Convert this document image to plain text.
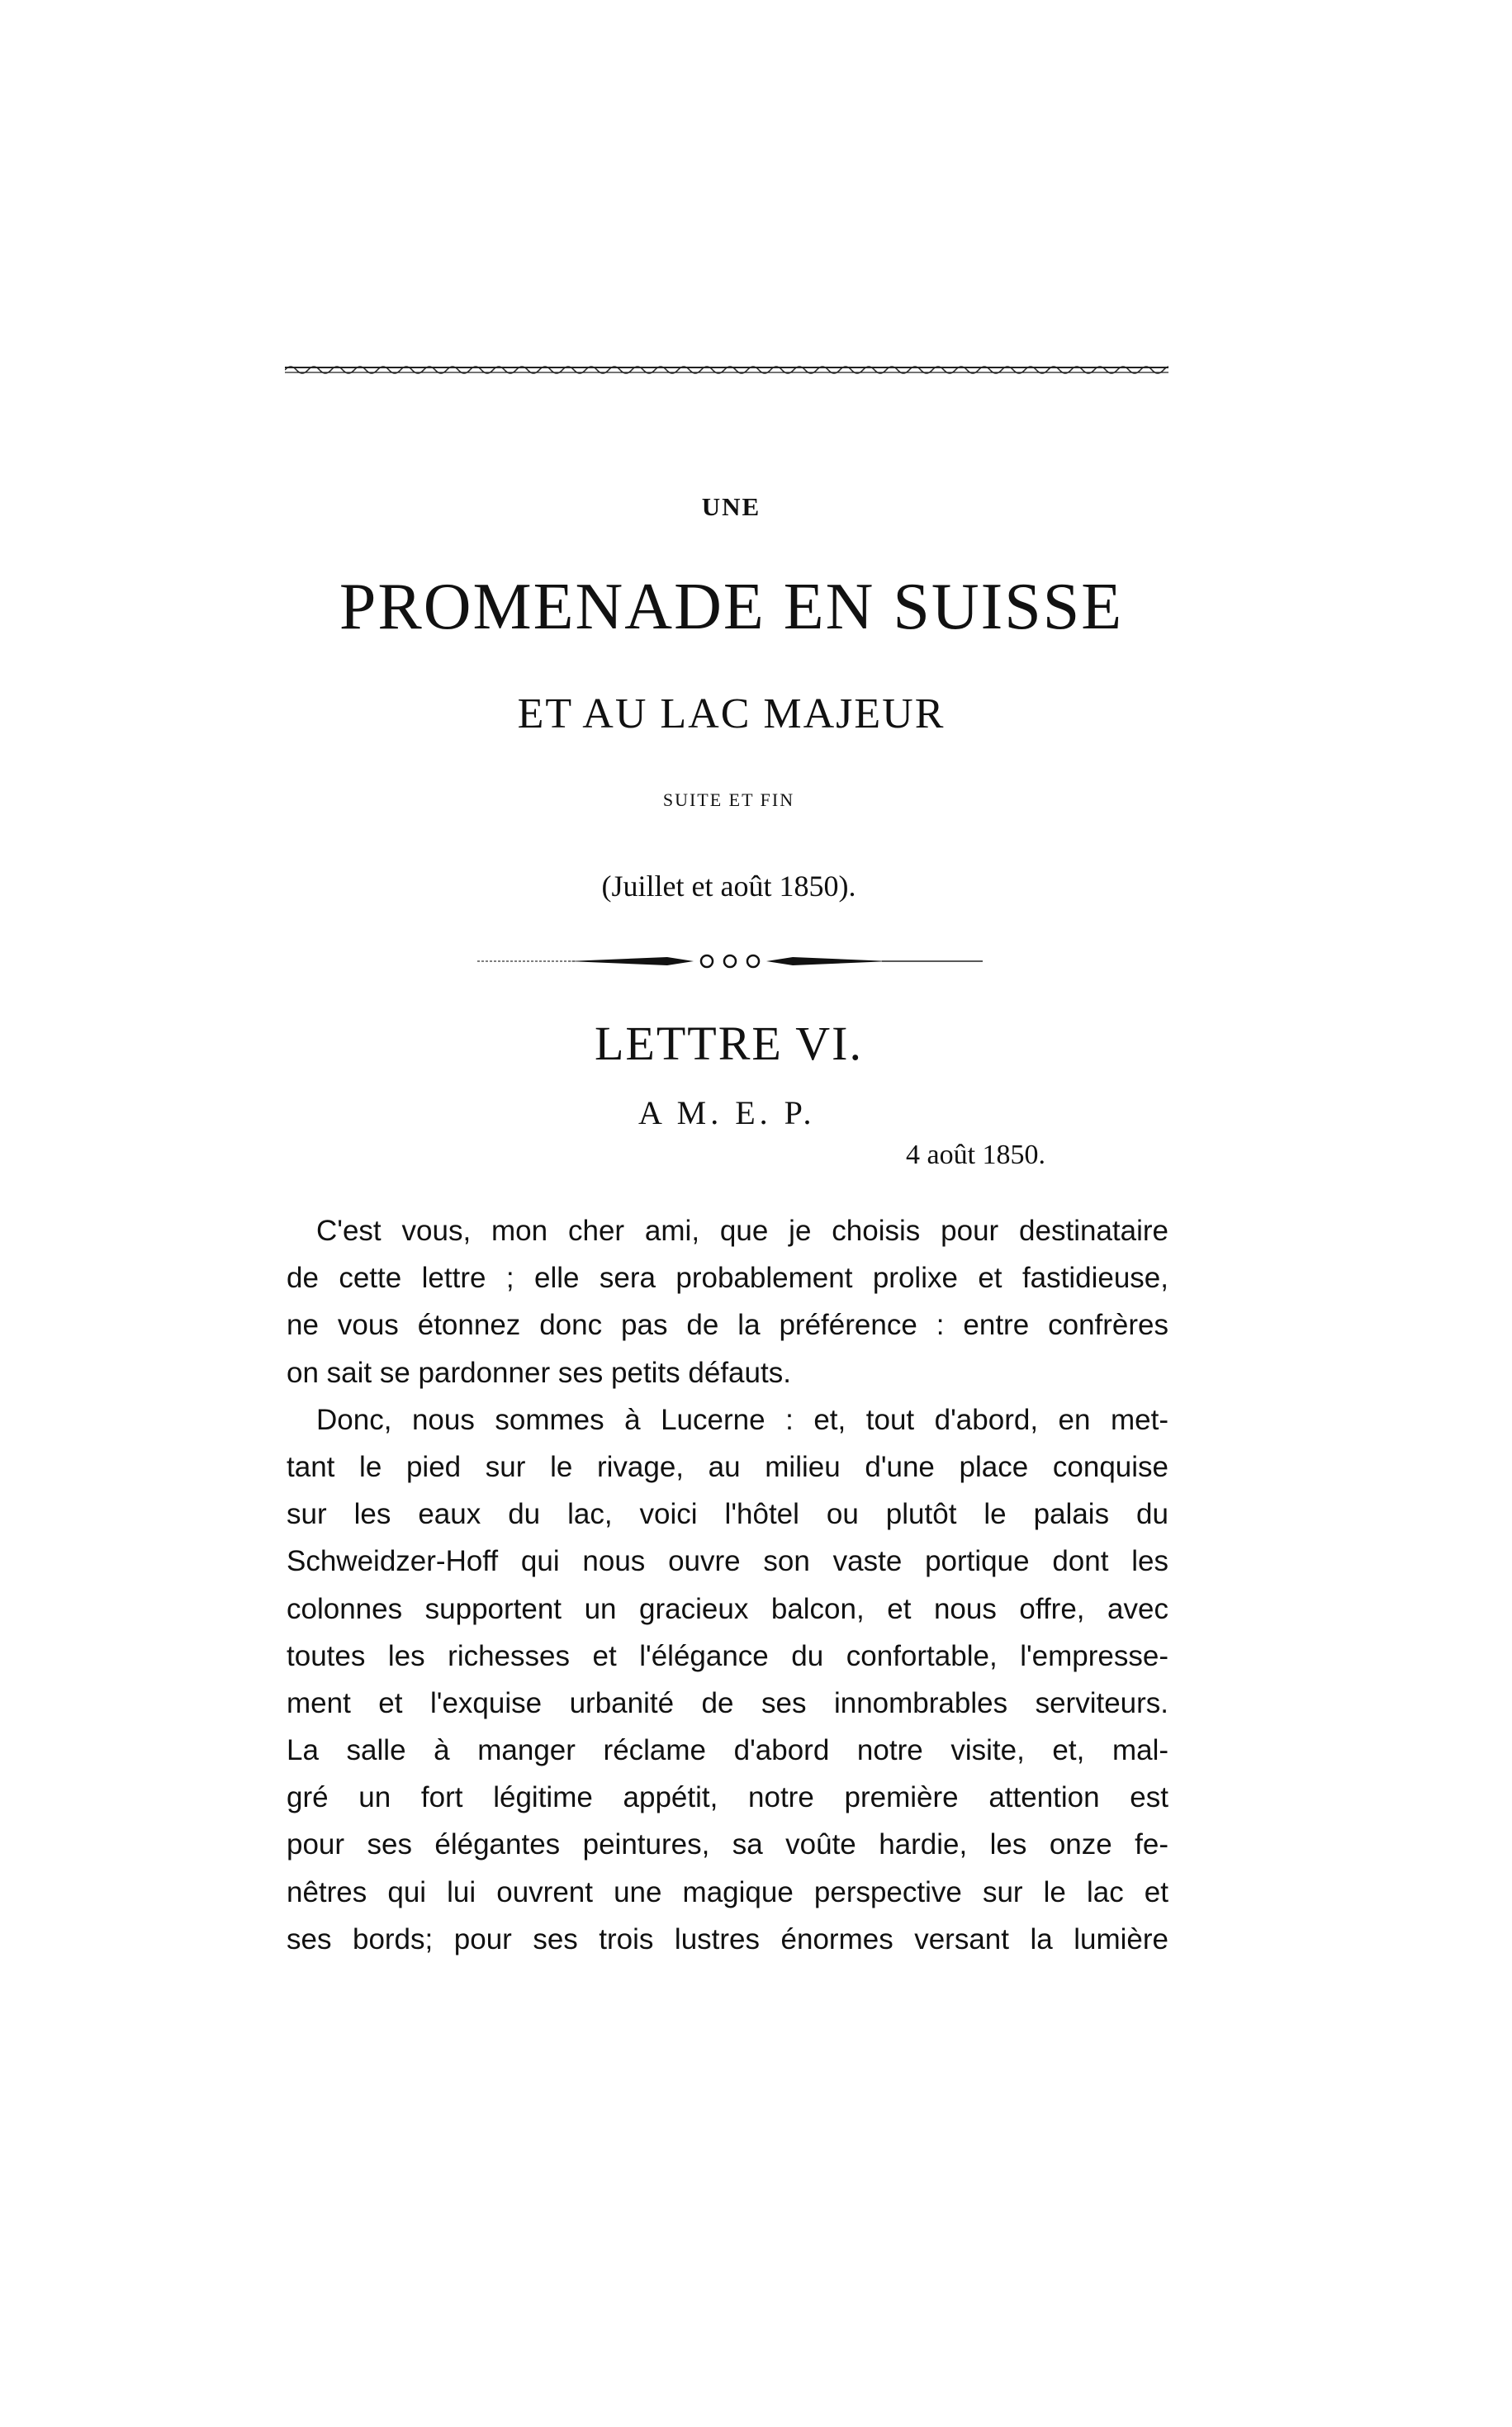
UNE
PROMENADE EN SUISSE
ET AU LAC MAJEUR
SUITE ET FIN
(Juillet et août 1850).
LETTRE VI.
A M. E. P.
4 août 1850.
C'est vous, mon cher ami, que je choisis pour destinataire
de cette lettre ; elle sera probablement prolixe et fastidieuse,
ne vous étonnez donc pas de la préférence : entre confrères
on sait se pardonner ses petits défauts.
Donc, nous sommes à Lucerne : et, tout d'abord, en met-
tant le pied sur le rivage, au milieu d'une place conquise
sur les eaux du lac, voici l'hôtel ou plutôt le palais du
Schweidzer-Hoff qui nous ouvre son vaste portique dont les
colonnes supportent un gracieux balcon, et nous offre, avec
toutes les richesses et l'élégance du confortable, l'empresse-
ment et l'exquise urbanité de ses innombrables serviteurs.
La salle à manger réclame d'abord notre visite, et, mal-
gré un fort légitime appétit, notre première attention est
pour ses élégantes peintures, sa voûte hardie, les onze fe-
nêtres qui lui ouvrent une magique perspective sur le lac et
ses bords; pour ses trois lustres énormes versant la lumière
